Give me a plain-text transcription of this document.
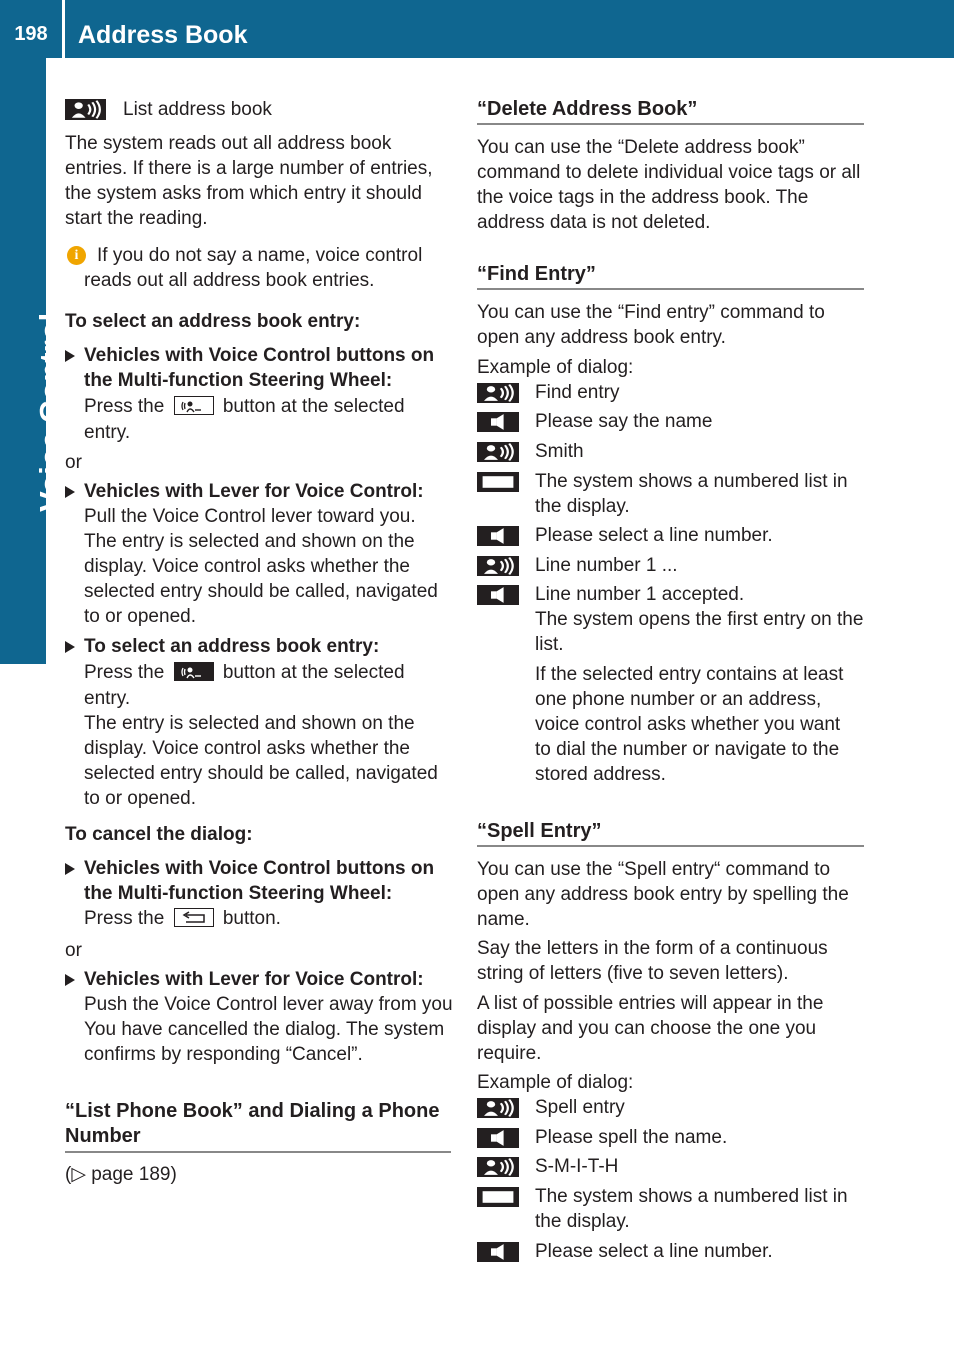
198	Address Book
Voice Control
List address book
The system reads out all address book
entries. If there is a large number of entries,
the system asks from which entry it should
start the reading.
i If you do not say a name, voice control
reads out all address book entries.
To select an address book entry:
Vehicles with Voice Control buttons on
the Multi-function Steering Wheel:
Press the	button at the selected
entry.
or
Vehicles with Lever for Voice Control:
Pull the Voice Control lever toward you.
The entry is selected and shown on the
display. Voice control asks whether the
selected entry should be called, navigated
to or opened.
To select an address book entry:
Press the	button at the selected
entry.
The entry is selected and shown on the
display. Voice control asks whether the
selected entry should be called, navigated
to or opened.
To cancel the dialog:
Vehicles with Voice Control buttons on
the Multi-function Steering Wheel:
Press the	button.
or
Vehicles with Lever for Voice Control:
Push the Voice Control lever away from you
You have cancelled the dialog. The system
confirms by responding “Cancel”.
“List Phone Book” and Dialing a Phone
Number
(▷ page 189)
“Delete Address Book”
You can use the “Delete address book”
command to delete individual voice tags or all
the voice tags in the address book. The
address data is not deleted.
“Find Entry”
You can use the “Find entry” command to
open any address book entry.
Example of dialog:
Find entry
Please say the name
Smith
The system shows a numbered list in
the display.
Please select a line number.
Line number 1 ...
Line number 1 accepted.
The system opens the first entry on the
list.
If the selected entry contains at least
one phone number or an address,
voice control asks whether you want
to dial the number or navigate to the
stored address.
“Spell Entry”
You can use the “Spell entry“ command to
open any address book entry by spelling the
name.
Say the letters in the form of a continuous
string of letters (five to seven letters).
A list of possible entries will appear in the
display and you can choose the one you
require.
Example of dialog:
Spell entry
Please spell the name.
S-M-I-T-H
The system shows a numbered list in
the display.
Please select a line number.
